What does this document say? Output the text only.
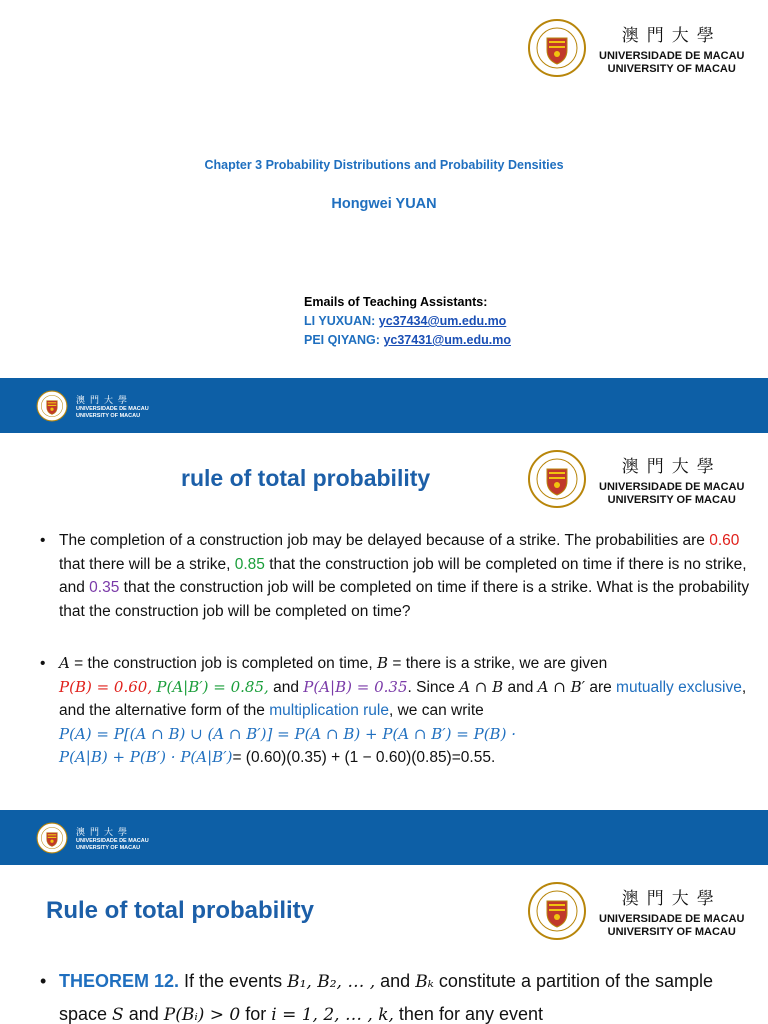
澳門大學
UNIVERSIDADE DE MACAU
UNIVERSITY OF MACAU
Chapter 3 Probability Distributions and Probability Densities
Hongwei YUAN
Emails of Teaching Assistants:
LI YUXUAN: yc37434@um.edu.mo
PEI QIYANG: yc37431@um.edu.mo
澳門大學
UNIVERSIDADE DE MACAU
UNIVERSITY OF MACAU
rule of total probability	澳門大學
UNIVERSIDADE DE MACAU
UNIVERSITY OF MACAU
• The completion of a construction job may be delayed because of a strike. The probabilities are 0.60 that there will be a strike, 0.85 that the construction job will be completed on time if there is no strike, and 0.35 that the construction job will be completed on time if there is a strike. What is the probability that the construction job will be completed on time?
• A = the construction job is completed on time, B = there is a strike, we are given
P(B) = 0.60, P(A|B′) = 0.85, and P(A|B) = 0.35. Since A ∩ B and A ∩ B′ are mutually exclusive, and the alternative form of the multiplication rule, we can write
P(A) = P[(A ∩ B) ∪ (A ∩ B′)] = P(A ∩ B) + P(A ∩ B′) = P(B) ·
P(A|B) + P(B′) · P(A|B′)= (0.60)(0.35) + (1 − 0.60)(0.85)=0.55.
澳門大學
UNIVERSIDADE DE MACAU
UNIVERSITY OF MACAU
Rule of total probability	澳門大學
UNIVERSIDADE DE MACAU
UNIVERSITY OF MACAU
• THEOREM 12. If the events B₁, B₂, … , and Bₖ constitute a partition of the sample space S and P(Bᵢ) > 0 for i = 1, 2, … , k, then for any event
